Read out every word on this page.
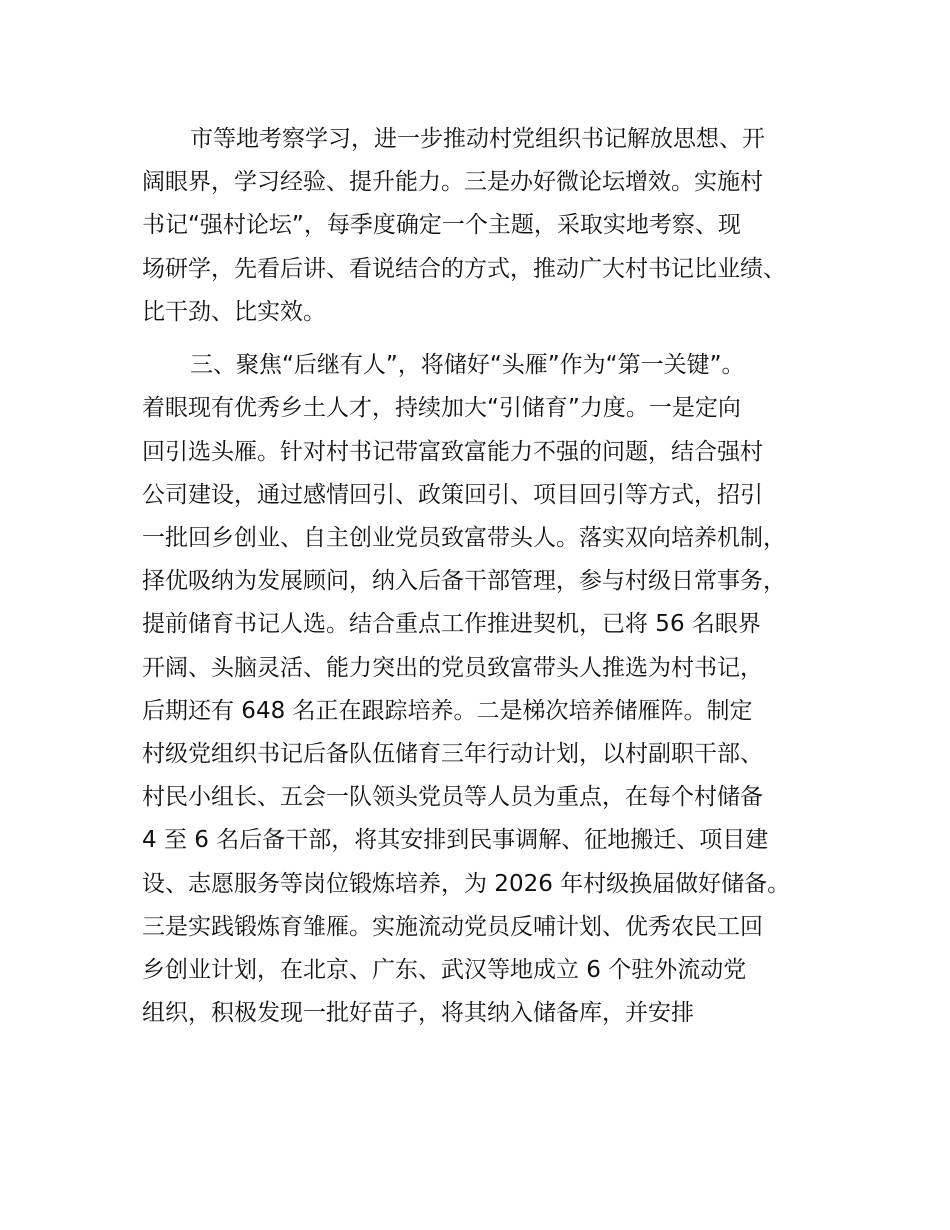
市等地考察学习，进一步推动村党组织书记解放思想、开

阔眼界，学习经验、提升能力。三是办好微论坛增效。实施村

书记“强村论坛”，每季度确定一个主题，采取实地考察、现

场研学，先看后讲、看说结合的方式，推动广大村书记比业绩、

比干劲、比实效。

三、聚焦“后继有人”，将储好“头雁”作为“第一关键”。

着眼现有优秀乡土人才，持续加大“引储育”力度。一是定向

回引选头雁。针对村书记带富致富能力不强的问题，结合强村

公司建设，通过感情回引、政策回引、项目回引等方式，招引

一批回乡创业、自主创业党员致富带头人。落实双向培养机制，

择优吸纳为发展顾问，纳入后备干部管理，参与村级日常事务，

提前储育书记人选。结合重点工作推进契机，已将 56 名眼界

开阔、头脑灵活、能力突出的党员致富带头人推选为村书记，

后期还有 648 名正在跟踪培养。二是梯次培养储雁阵。制定

村级党组织书记后备队伍储育三年行动计划，以村副职干部、

村民小组长、五会一队领头党员等人员为重点，在每个村储备

4 至 6 名后备干部，将其安排到民事调解、征地搬迁、项目建

设、志愿服务等岗位锻炼培养，为 2026 年村级换届做好储备。

三是实践锻炼育雏雁。实施流动党员反哺计划、优秀农民工回

乡创业计划，在北京、广东、武汉等地成立 6 个驻外流动党

组织，积极发现一批好苗子，将其纳入储备库，并安排
